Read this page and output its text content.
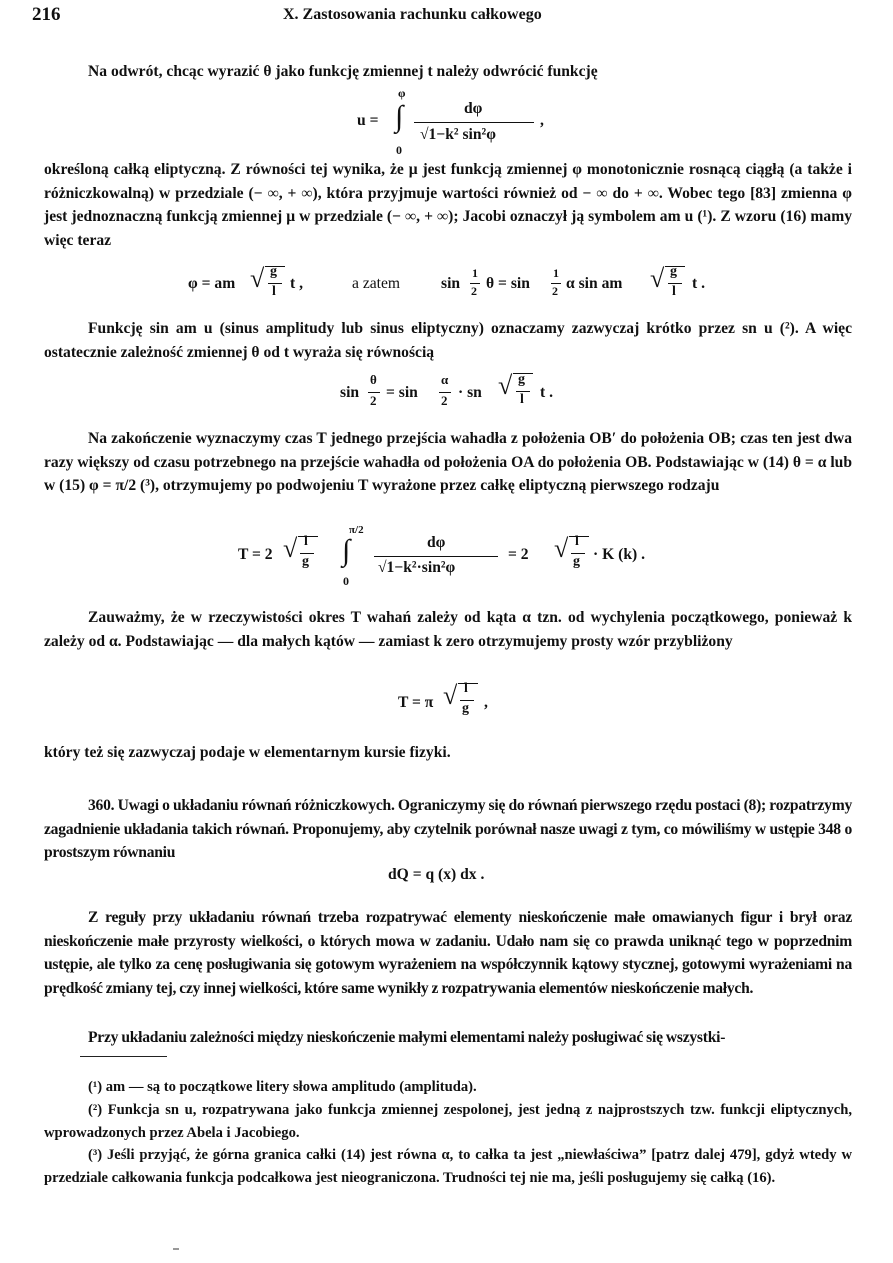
216	X. Zastosowania rachunku całkowego

Na odwrót, chcąc wyrazić θ jako funkcję zmiennej t należy odwrócić funkcję

u =
φ
∫
0
dφ
√1−k² sin²φ
,

określoną całką eliptyczną. Z równości tej wynika, że μ jest funkcją zmiennej φ monotonicznie rosnącą ciągłą (a także i różniczkowalną) w przedziale (− ∞, + ∞), która przyjmuje wartości również od − ∞ do + ∞. Wobec tego [83] zmienna φ jest jednoznaczną funkcją zmiennej μ w przedziale (− ∞, + ∞); Jacobi oznaczył ją symbolem am u (¹). Z wzoru (16) mamy więc teraz

φ = am √ g
l t ,	a zatem	sin
1
2 θ = sin
1
2 α sin am √ g
l t .

Funkcję sin am u (sinus amplitudy lub sinus eliptyczny) oznaczamy zazwyczaj krótko przez sn u (²). A więc ostatecznie zależność zmiennej θ od t wyraża się równością

sin
θ
2 = sin
α
2 · sn √ g
l t .

Na zakończenie wyznaczymy czas T jednego przejścia wahadła z położenia OB′ do położenia OB; czas ten jest dwa razy większy od czasu potrzebnego na przejście wahadła od położenia OA do położenia OB. Podstawiając w (14) θ = α lub w (15) φ = π/2 (³), otrzymujemy po podwojeniu T wyrażone przez całkę eliptyczną pierwszego rodzaju

T = 2 √ l
g
π/2
∫
0
dφ
√1−k²·sin²φ
= 2 √ l
g · K (k) .

Zauważmy, że w rzeczywistości okres T wahań zależy od kąta α tzn. od wychylenia początkowego, ponieważ k zależy od α. Podstawiając — dla małych kątów — zamiast k zero otrzymujemy prosty wzór przybliżony

T = π √ l
g ,

który też się zazwyczaj podaje w elementarnym kursie fizyki.

360. Uwagi o układaniu równań różniczkowych. Ograniczymy się do równań pierwszego rzędu postaci (8); rozpatrzymy zagadnienie układania takich równań. Proponujemy, aby czytelnik porównał nasze uwagi z tym, co mówiliśmy w ustępie 348 o prostszym równaniu

dQ = q (x) dx .

Z reguły przy układaniu równań trzeba rozpatrywać elementy nieskończenie małe omawianych figur i brył oraz nieskończenie małe przyrosty wielkości, o których mowa w zadaniu. Udało nam się co prawda uniknąć tego w poprzednim ustępie, ale tylko za cenę posługiwania się gotowym wyrażeniem na współczynnik kątowy stycznej, gotowymi wyrażeniami na prędkość zmiany tej, czy innej wielkości, które same wynikły z rozpatrywania elementów nieskończenie małych.

Przy układaniu zależności między nieskończenie małymi elementami należy posługiwać się wszystki-

(¹) am — są to początkowe litery słowa amplitudo (amplituda).

(²) Funkcja sn u, rozpatrywana jako funkcja zmiennej zespolonej, jest jedną z najprostszych tzw. funkcji eliptycznych, wprowadzonych przez Abela i Jacobiego.

(³) Jeśli przyjąć, że górna granica całki (14) jest równa α, to całka ta jest „niewłaściwa” [patrz dalej 479], gdyż wtedy w przedziale całkowania funkcja podcałkowa jest nieograniczona. Trudności tej nie ma, jeśli posługujemy się całką (16).
